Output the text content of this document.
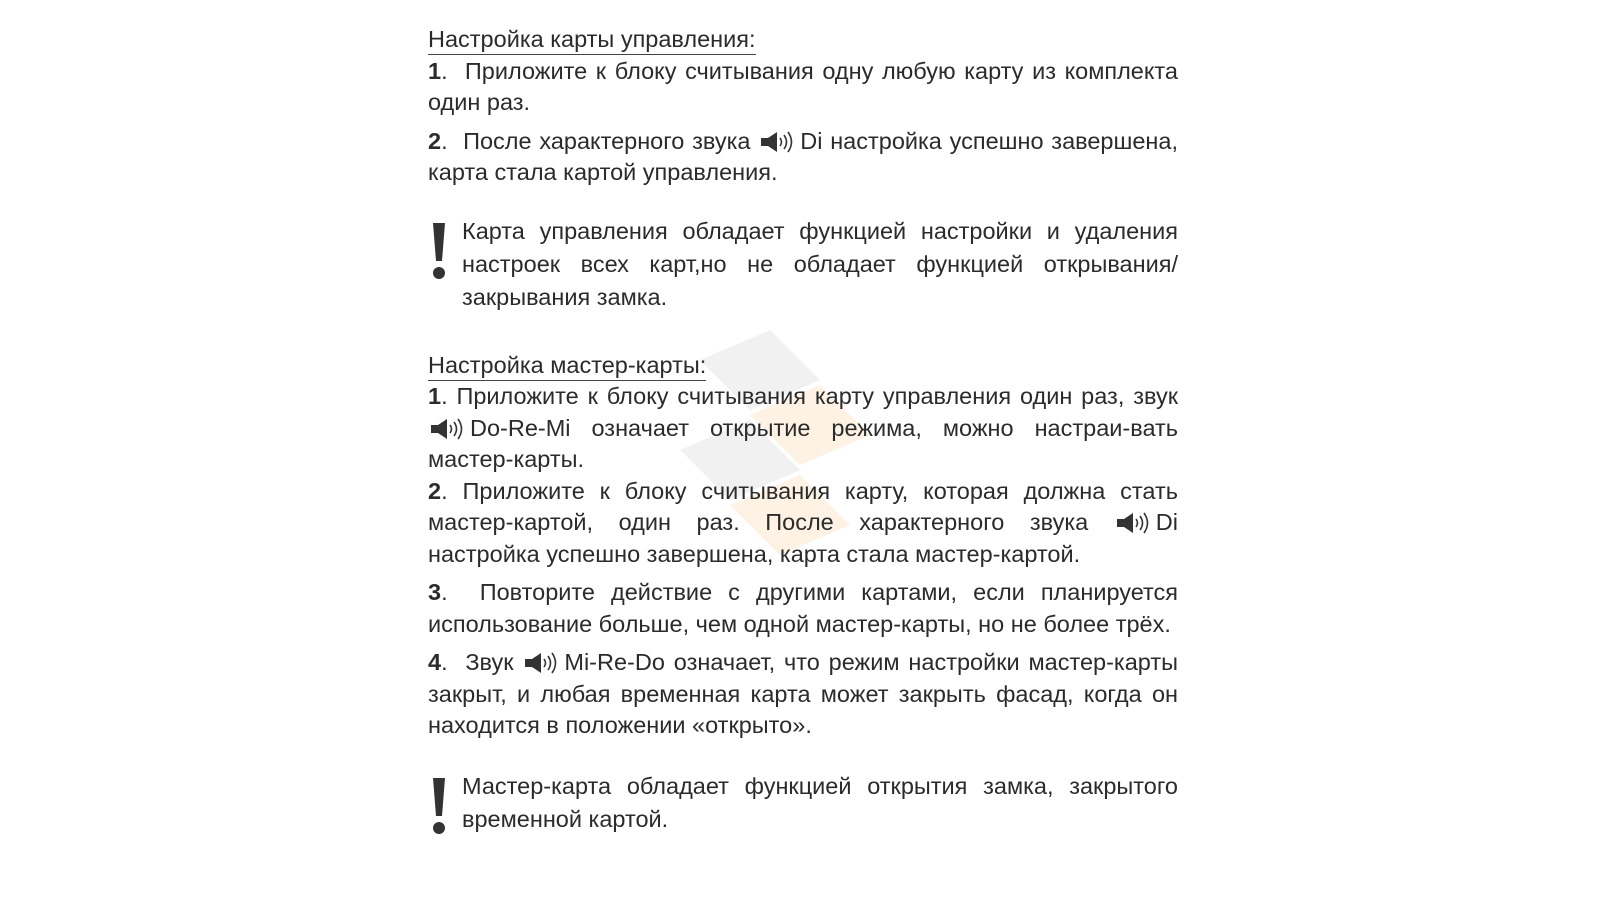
Настройка карты управления:

1.  Приложите к блоку считывания одну любую карту из комплекта один раз.

2.  После характерного звука Di настройка успешно завершена, карта стала картой управления.

Карта управления обладает функцией настройки и удаления настроек всех карт,но не обладает функцией открывания/закрывания замка.
Настройка мастер-карты:

1. Приложите к блоку считывания карту управления один раз, звук Do-Re-Mi означает открытие режима, можно настраи-вать мастер-карты.

2. Приложите к блоку считывания карту, которая должна стать мастер-картой, один раз. После характерного звука	Di настройка успешно завершена, карта стала мастер-картой.

3.  Повторите действие с другими картами, если планируется использование больше, чем одной мастер-карты, но не более трёх.

4.  Звук Mi-Re-Do означает, что режим настройки мастер-карты закрыт, и любая временная карта может закрыть фасад, когда он находится в положении «открыто».

Мастер-карта обладает функцией открытия замка, закрытого временной картой.
